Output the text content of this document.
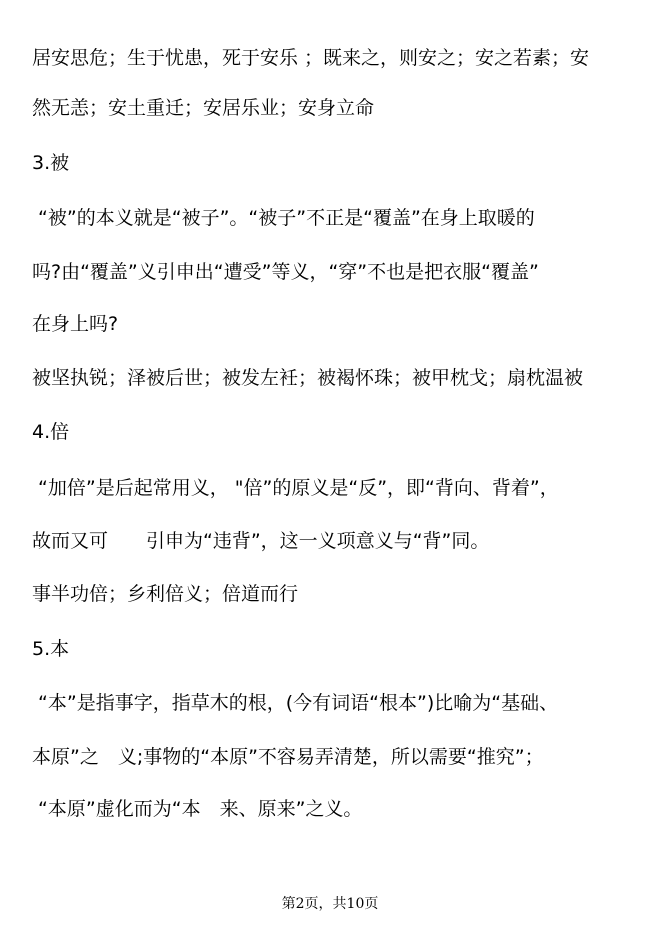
居安思危；生于忧患，死于安乐 ；既来之，则安之；安之若素；安
然无恙；安土重迁；安居乐业；安身立命
3.被
“被”的本义就是“被子”。“被子”不正是“覆盖”在身上取暖的
吗?由“覆盖”义引申出“遭受”等义，“穿”不也是把衣服“覆盖”
在身上吗?
被坚执锐；泽被后世；被发左衽；被褐怀珠；被甲枕戈；扇枕温被
4.倍
“加倍”是后起常用义， "倍”的原义是“反”，即“背向、背着”，
故而又可　　引申为“违背”，这一义项意义与“背”同。
事半功倍；乡利倍义；倍道而行
5.本
“本”是指事字，指草木的根，(今有词语“根本”)比喻为“基础、
本原”之　义;事物的“本原”不容易弄清楚，所以需要“推究”；
“本原”虚化而为“本　来、原来”之义。
第2页，共10页
